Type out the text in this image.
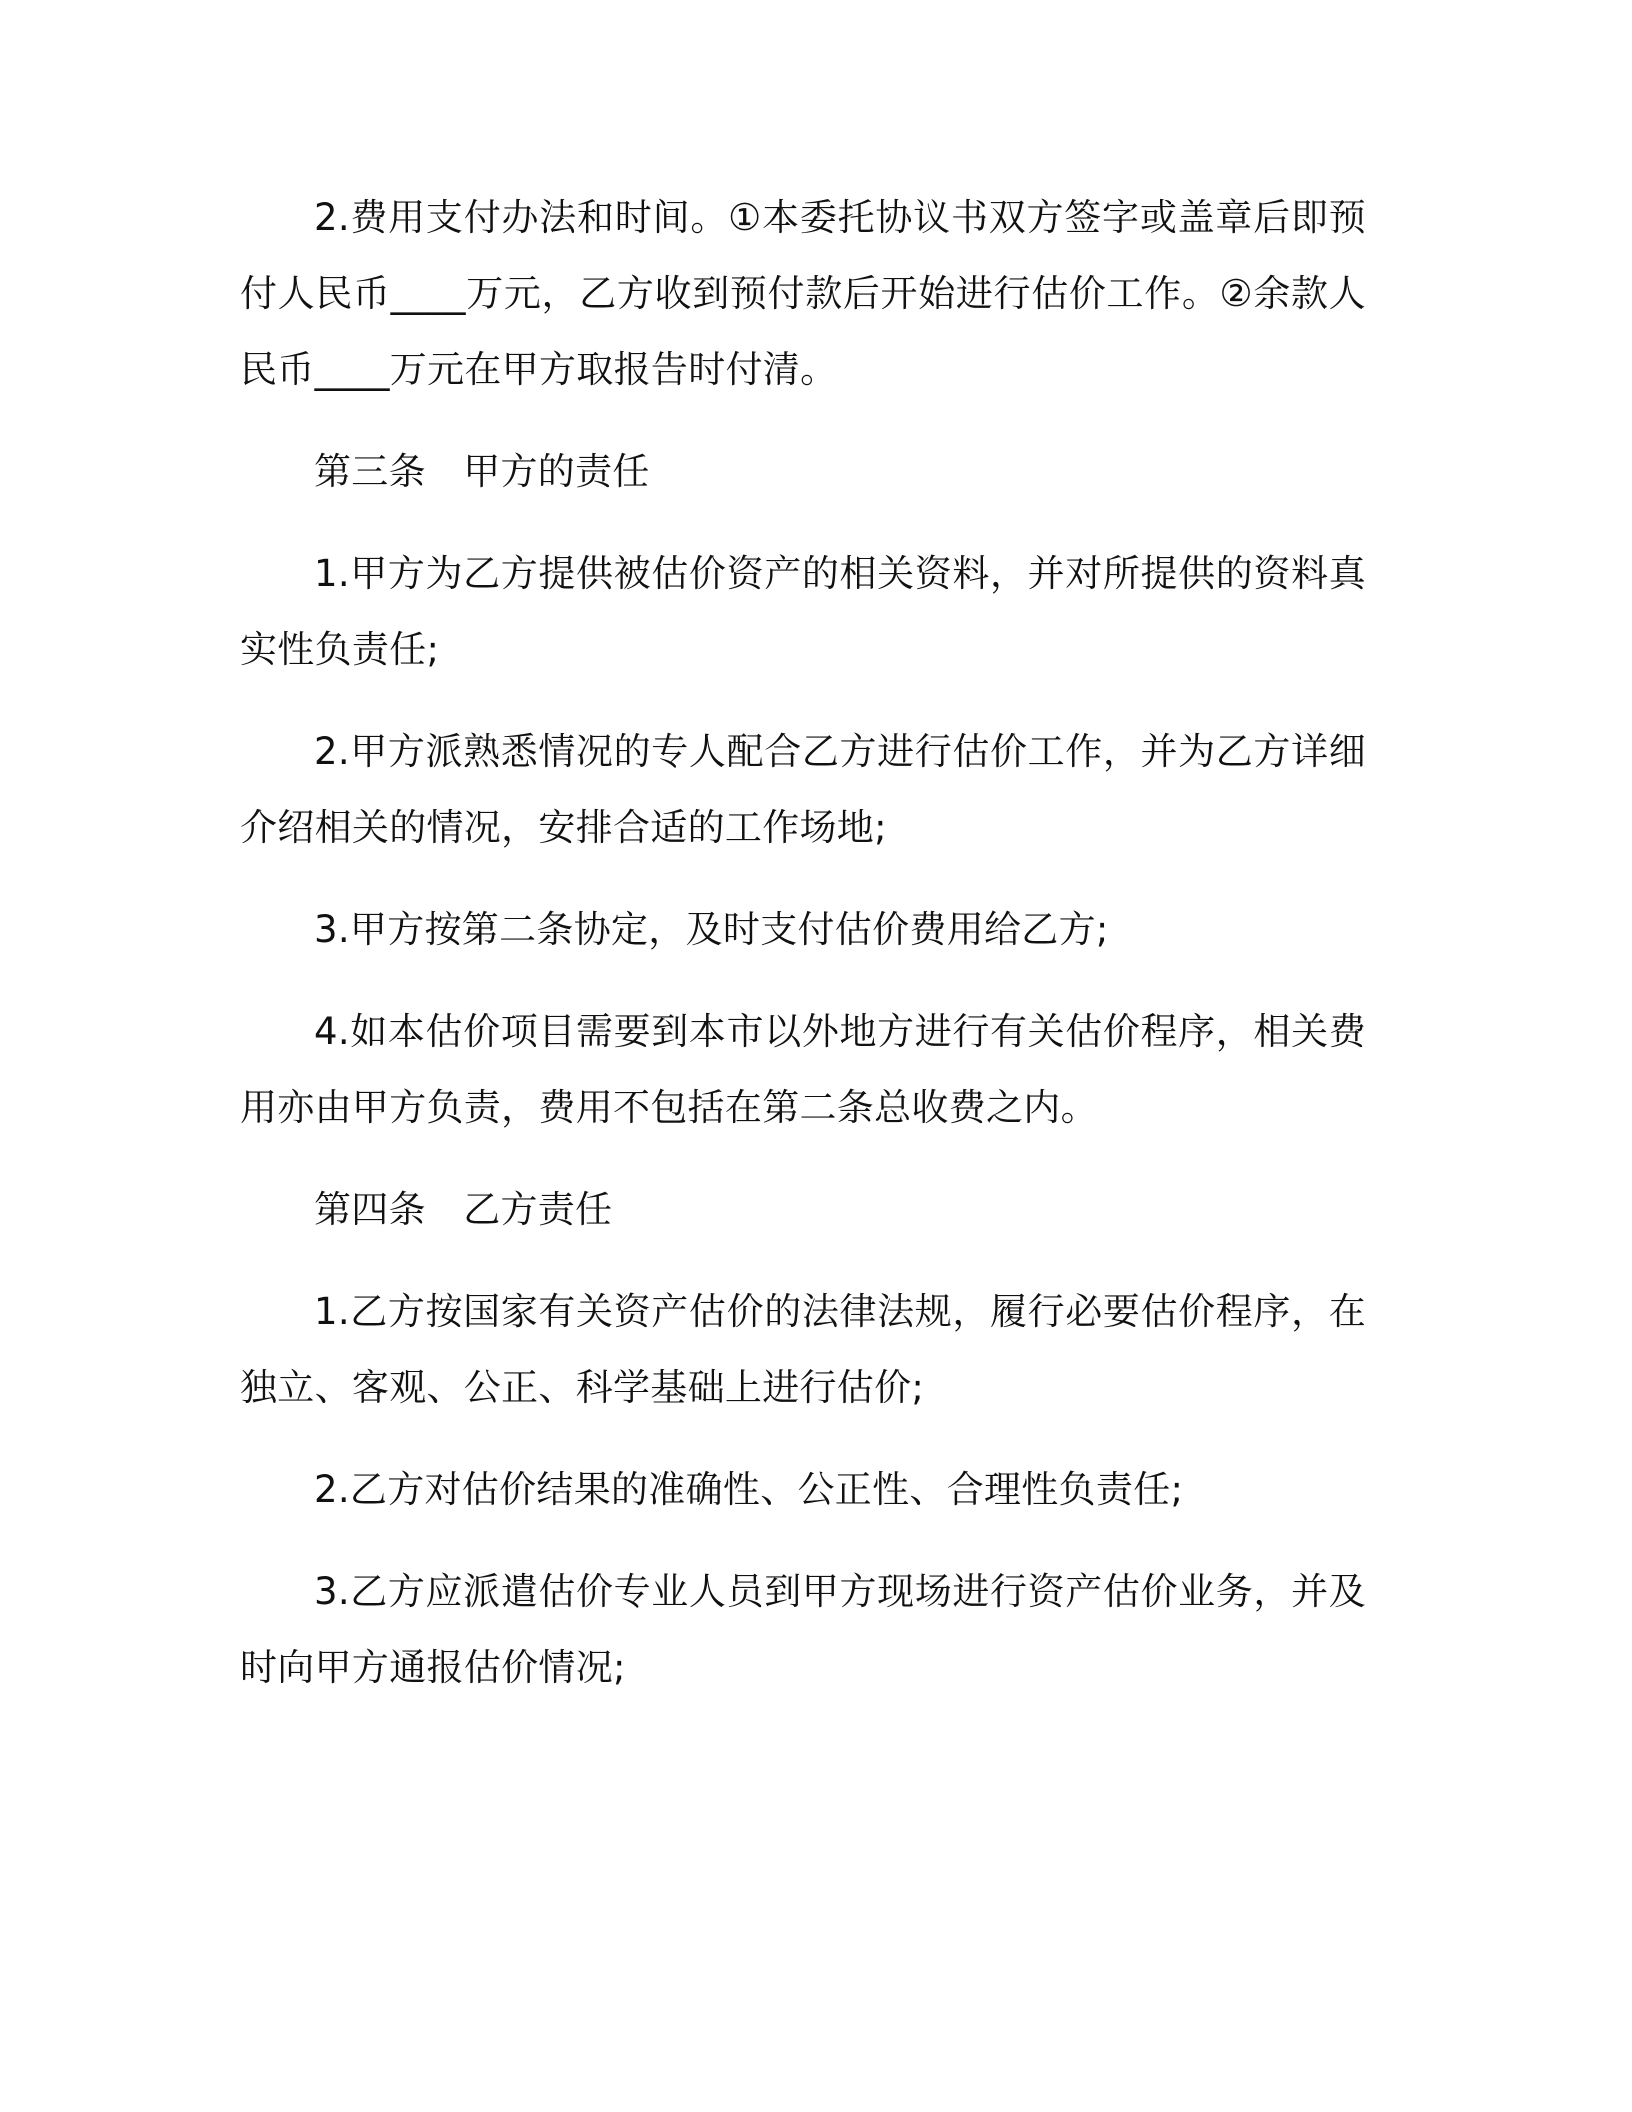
2.费用支付办法和时间。①本委托协议书双方签字或盖章后即预付人民币____万元，乙方收到预付款后开始进行估价工作。②余款人民币____万元在甲方取报告时付清。

第三条　甲方的责任

1.甲方为乙方提供被估价资产的相关资料，并对所提供的资料真实性负责任;

2.甲方派熟悉情况的专人配合乙方进行估价工作，并为乙方详细介绍相关的情况，安排合适的工作场地;

3.甲方按第二条协定，及时支付估价费用给乙方;

4.如本估价项目需要到本市以外地方进行有关估价程序，相关费用亦由甲方负责，费用不包括在第二条总收费之内。

第四条　乙方责任

1.乙方按国家有关资产估价的法律法规，履行必要估价程序，在独立、客观、公正、科学基础上进行估价;

2.乙方对估价结果的准确性、公正性、合理性负责任;

3.乙方应派遣估价专业人员到甲方现场进行资产估价业务，并及时向甲方通报估价情况;
